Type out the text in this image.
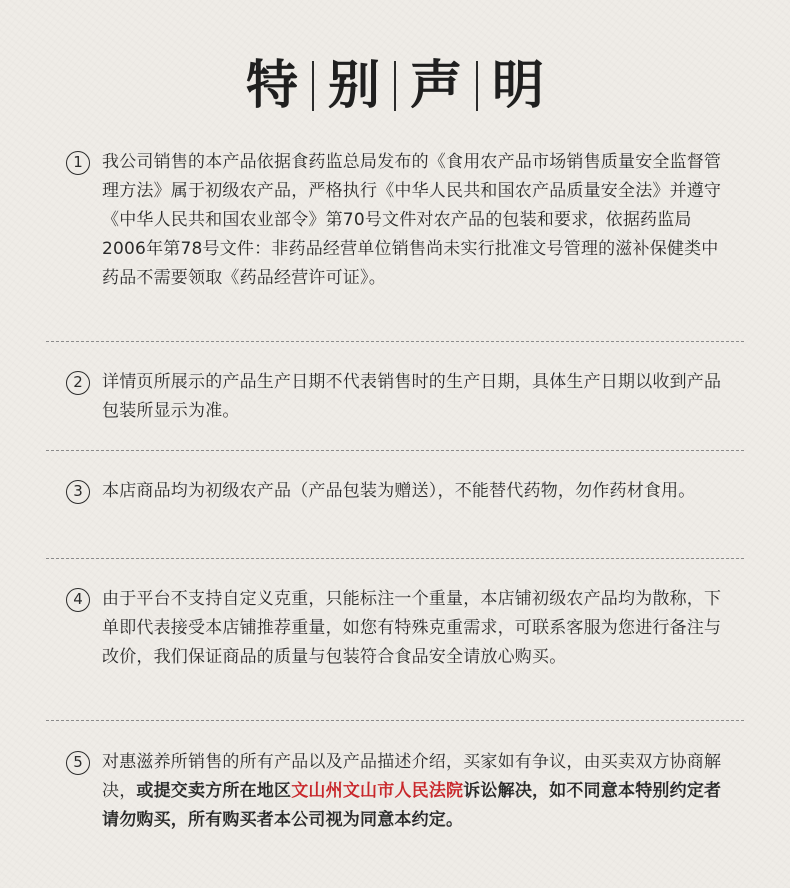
特 别 声 明
1	我公司销售的本产品依据食药监总局发布的《食用农产品市场销售质量安全监督管理方法》属于初级农产品，严格执行《中华人民共和国农产品质量安全法》并遵守《中华人民共和国农业部令》第70号文件对农产品的包装和要求，依据药监局2006年第78号文件：非药品经营单位销售尚未实行批准文号管理的滋补保健类中药品不需要领取《药品经营许可证》。
2	详情页所展示的产品生产日期不代表销售时的生产日期，具体生产日期以收到产品包装所显示为准。
3	本店商品均为初级农产品（产品包装为赠送），不能替代药物，勿作药材食用。
4	由于平台不支持自定义克重，只能标注一个重量，本店铺初级农产品均为散称，下单即代表接受本店铺推荐重量，如您有特殊克重需求，可联系客服为您进行备注与改价，我们保证商品的质量与包装符合食品安全请放心购买。
5	对惠滋养所销售的所有产品以及产品描述介绍，买家如有争议，由买卖双方协商解决，或提交卖方所在地区文山州文山市人民法院诉讼解决，如不同意本特别约定者请勿购买，所有购买者本公司视为同意本约定。
